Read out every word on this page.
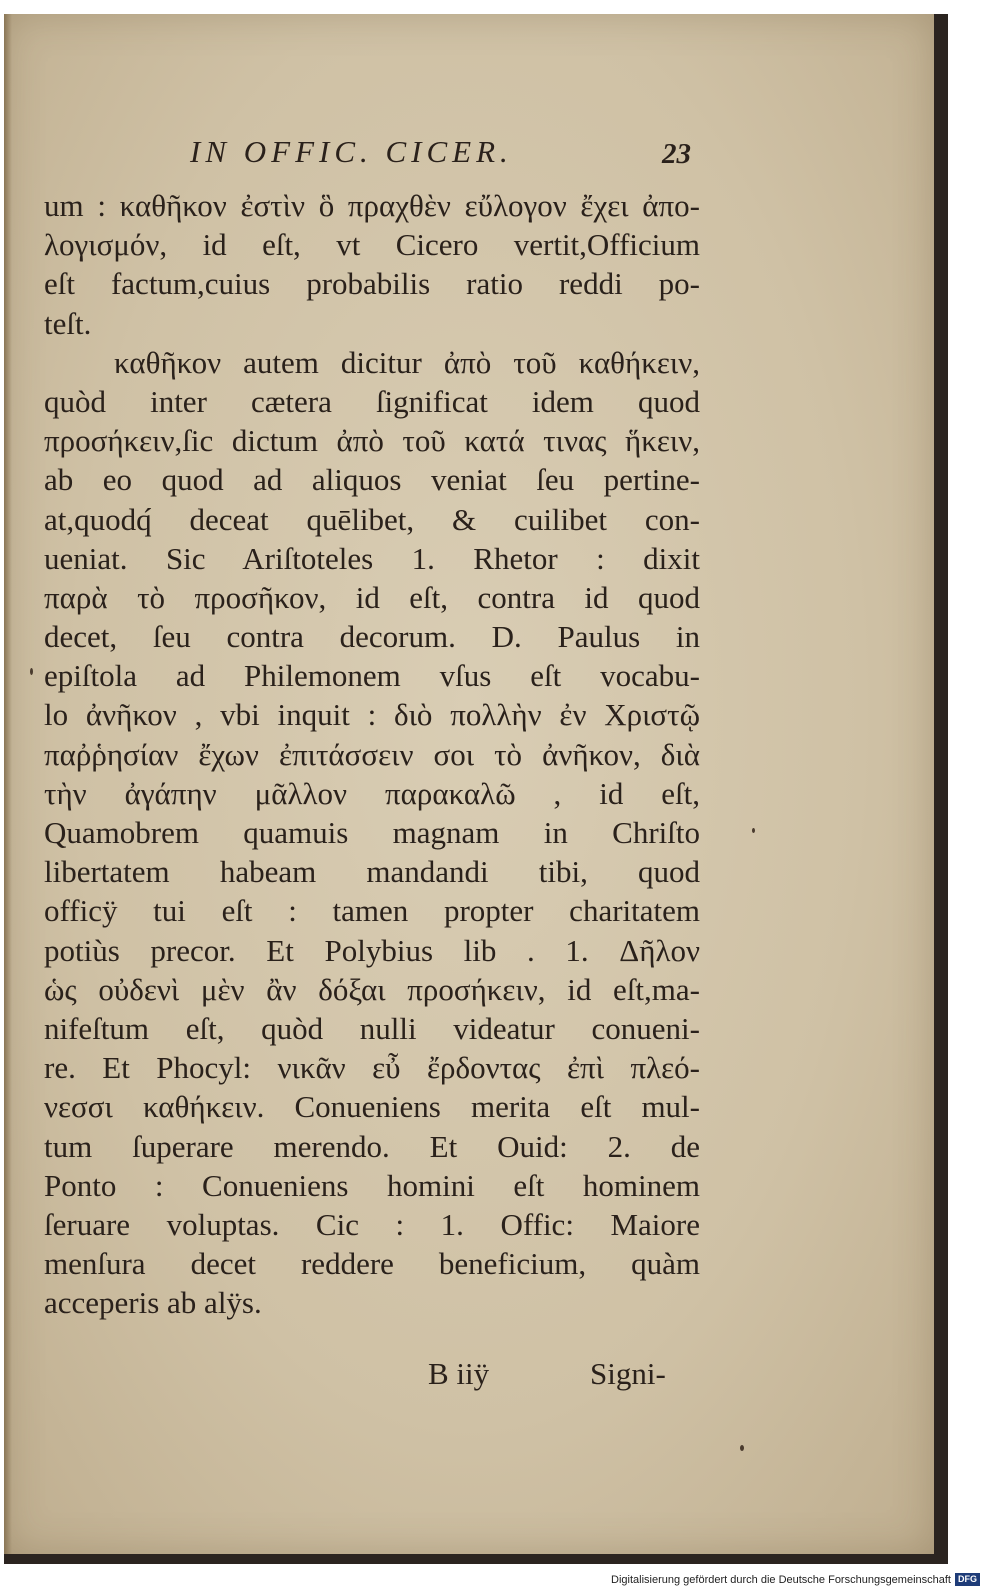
IN OFFIC. CICER.	23
um : καθῆκον ἐστὶν ὃ πραχθὲν εὔλογον ἔχει ἀπο-
λογισμόν, id eſt, vt Cicero vertit,Officium
eſt factum,cuius probabilis ratio reddi po-
teſt.
καθῆκον autem dicitur ἀπὸ τοῦ καθήκειν,
quòd inter cætera ſignificat idem quod
προσήκειν,ſic dictum ἀπὸ τοῦ κατά τινας ἥκειν,
ab eo quod ad aliquos veniat ſeu pertine-
at,quodq́ deceat quēlibet, & cuilibet con-
ueniat. Sic Ariſtoteles 1. Rhetor : dixit
παρὰ τὸ προσῆκον, id eſt, contra id quod
decet, ſeu contra decorum. D. Paulus in
epiſtola ad Philemonem vſus eſt vocabu-
lo ἀνῆκον , vbi inquit : διὸ πολλὴν ἐν Χριστῷ
παῤῥησίαν ἔχων ἐπιτάσσειν σοι τὸ ἀνῆκον, διὰ
τὴν ἀγάπην μᾶλλον παρακαλῶ , id eſt,
Quamobrem quamuis magnam in Chriſto
libertatem habeam mandandi tibi, quod
officÿ tui eſt : tamen propter charitatem
potiùs precor. Et Polybius lib . 1. Δῆλον
ὡς οὐδενὶ μὲν ἂν δόξαι προσήκειν, id eſt,ma-
nifeſtum eſt, quòd nulli videatur conueni-
re. Et Phocyl: νικᾶν εὖ ἔρδοντας ἐπὶ πλεό-
νεσσι καθήκειν. Conueniens merita eſt mul-
tum ſuperare merendo. Et Ouid: 2. de
Ponto : Conueniens homini eſt hominem
ſeruare voluptas. Cic : 1. Offic: Maiore
menſura decet reddere beneficium, quàm
acceperis ab alÿs.
B iiÿ	Signi-
Digitalisierung gefördert durch die Deutsche Forschungsgemeinschaft DFG
